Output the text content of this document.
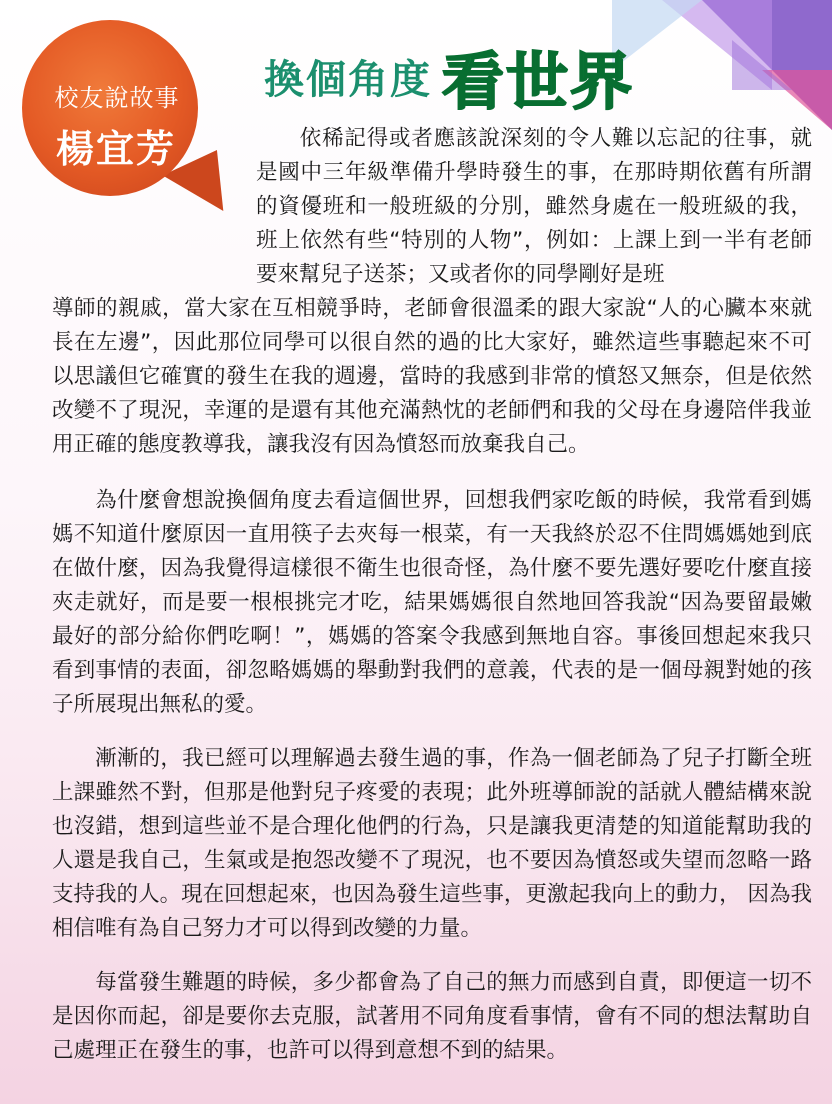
校友說故事
楊宜芳
換個角度 看世界
依稀記得或者應該說深刻的令人難以忘記的往事，就是國中三年級準備升學時發生的事，在那時期依舊有所謂的資優班和一般班級的分別，雖然身處在一般班級的我，班上依然有些“特別的人物”，例如：上課上到一半有老師要來幫兒子送茶；又或者你的同學剛好是班
導師的親戚，當大家在互相競爭時，老師會很溫柔的跟大家說“人的心臟本來就長在左邊”，因此那位同學可以很自然的過的比大家好，雖然這些事聽起來不可以思議但它確實的發生在我的週邊，當時的我感到非常的憤怒又無奈，但是依然改變不了現況，幸運的是還有其他充滿熱忱的老師們和我的父母在身邊陪伴我並用正確的態度教導我，讓我沒有因為憤怒而放棄我自己。
為什麼會想說換個角度去看這個世界，回想我們家吃飯的時候，我常看到媽媽不知道什麼原因一直用筷子去夾每一根菜，有一天我終於忍不住問媽媽她到底在做什麼，因為我覺得這樣很不衛生也很奇怪，為什麼不要先選好要吃什麼直接夾走就好，而是要一根根挑完才吃，結果媽媽很自然地回答我說“因為要留最嫩最好的部分給你們吃啊！”，媽媽的答案令我感到無地自容。事後回想起來我只看到事情的表面，卻忽略媽媽的舉動對我們的意義，代表的是一個母親對她的孩子所展現出無私的愛。
漸漸的，我已經可以理解過去發生過的事，作為一個老師為了兒子打斷全班上課雖然不對，但那是他對兒子疼愛的表現；此外班導師說的話就人體結構來說也沒錯，想到這些並不是合理化他們的行為，只是讓我更清楚的知道能幫助我的人還是我自己，生氣或是抱怨改變不了現況，也不要因為憤怒或失望而忽略一路支持我的人。現在回想起來，也因為發生這些事，更激起我向上的動力， 因為我相信唯有為自己努力才可以得到改變的力量。
每當發生難題的時候，多少都會為了自己的無力而感到自責，即便這一切不是因你而起，卻是要你去克服，試著用不同角度看事情，會有不同的想法幫助自己處理正在發生的事，也許可以得到意想不到的結果。
